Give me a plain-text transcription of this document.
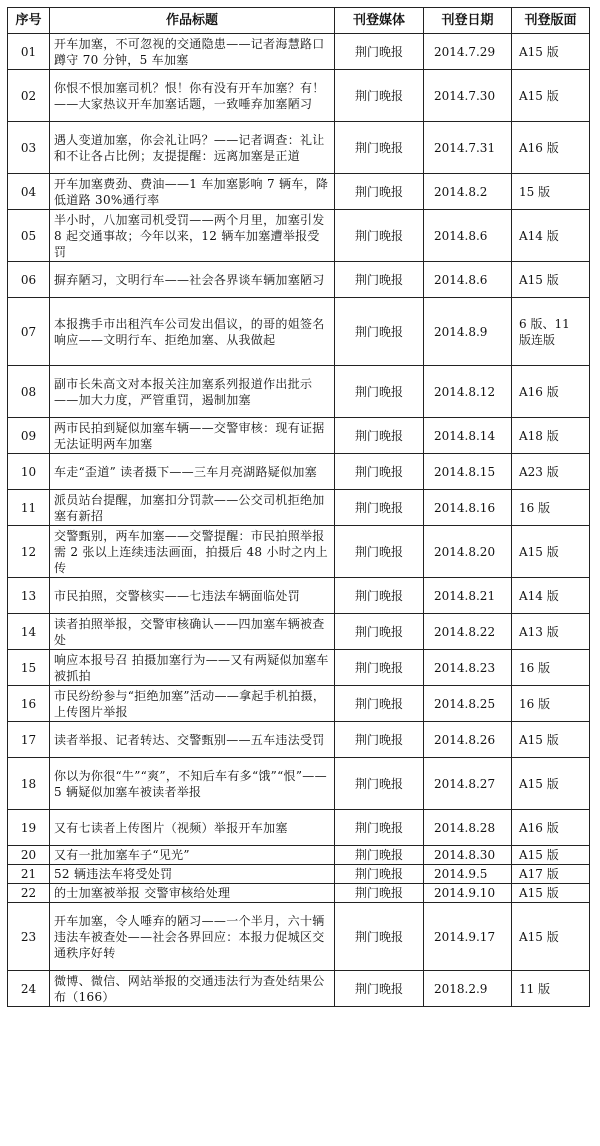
序号	作品标题	刊登媒体	刊登日期	刊登版面
01	开车加塞，不可忽视的交通隐患——记者海慧路口蹲守 70 分钟，5 车加塞	荆门晚报	2014.7.29	A15 版
02	你恨不恨加塞司机？恨！你有没有开车加塞？有！——大家热议开车加塞话题，一致唾弃加塞陋习	荆门晚报	2014.7.30	A15 版
03	遇人变道加塞，你会礼让吗？——记者调查：礼让和不让各占比例；友提提醒：远离加塞是正道	荆门晚报	2014.7.31	A16 版
04	开车加塞费劲、费油——1 车加塞影响 7 辆车，降低道路 30%通行率	荆门晚报	2014.8.2	15 版
05	半小时，八加塞司机受罚——两个月里，加塞引发 8 起交通事故；今年以来，12 辆车加塞遭举报受罚	荆门晚报	2014.8.6	A14 版
06	摒弃陋习，文明行车——社会各界谈车辆加塞陋习	荆门晚报	2014.8.6	A15 版
07	本报携手市出租汽车公司发出倡议，的哥的姐签名响应——文明行车、拒绝加塞、从我做起	荆门晚报	2014.8.9	6 版、11 版连版
08	副市长朱高文对本报关注加塞系列报道作出批示——加大力度，严管重罚，遏制加塞	荆门晚报	2014.8.12	A16 版
09	两市民拍到疑似加塞车辆——交警审核：现有证据无法证明两车加塞	荆门晚报	2014.8.14	A18 版
10	车走“歪道” 读者摄下——三车月亮湖路疑似加塞	荆门晚报	2014.8.15	A23 版
11	派员站台提醒，加塞扣分罚款——公交司机拒绝加塞有新招	荆门晚报	2014.8.16	16 版
12	交警甄别，两车加塞——交警提醒：市民拍照举报需 2 张以上连续违法画面，拍摄后 48 小时之内上传	荆门晚报	2014.8.20	A15 版
13	市民拍照，交警核实——七违法车辆面临处罚	荆门晚报	2014.8.21	A14 版
14	读者拍照举报，交警审核确认——四加塞车辆被查处	荆门晚报	2014.8.22	A13 版
15	响应本报号召 拍摄加塞行为——又有两疑似加塞车被抓拍	荆门晚报	2014.8.23	16 版
16	市民纷纷参与“拒绝加塞”活动——拿起手机拍摄，上传图片举报	荆门晚报	2014.8.25	16 版
17	读者举报、记者转达、交警甄别——五车违法受罚	荆门晚报	2014.8.26	A15 版
18	你以为你很“牛”“爽”，不知后车有多“饿”“恨”——5 辆疑似加塞车被读者举报	荆门晚报	2014.8.27	A15 版
19	又有七读者上传图片（视频）举报开车加塞	荆门晚报	2014.8.28	A16 版
20	又有一批加塞车子“见光”	荆门晚报	2014.8.30	A15 版
21	52 辆违法车将受处罚	荆门晚报	2014.9.5	A17 版
22	的士加塞被举报 交警审核给处理	荆门晚报	2014.9.10	A15 版
23	开车加塞，令人唾弃的陋习——一个半月，六十辆违法车被查处——社会各界回应：本报力促城区交通秩序好转	荆门晚报	2014.9.17	A15 版
24	微博、微信、网站举报的交通违法行为查处结果公布（166）	荆门晚报	2018.2.9	11 版
